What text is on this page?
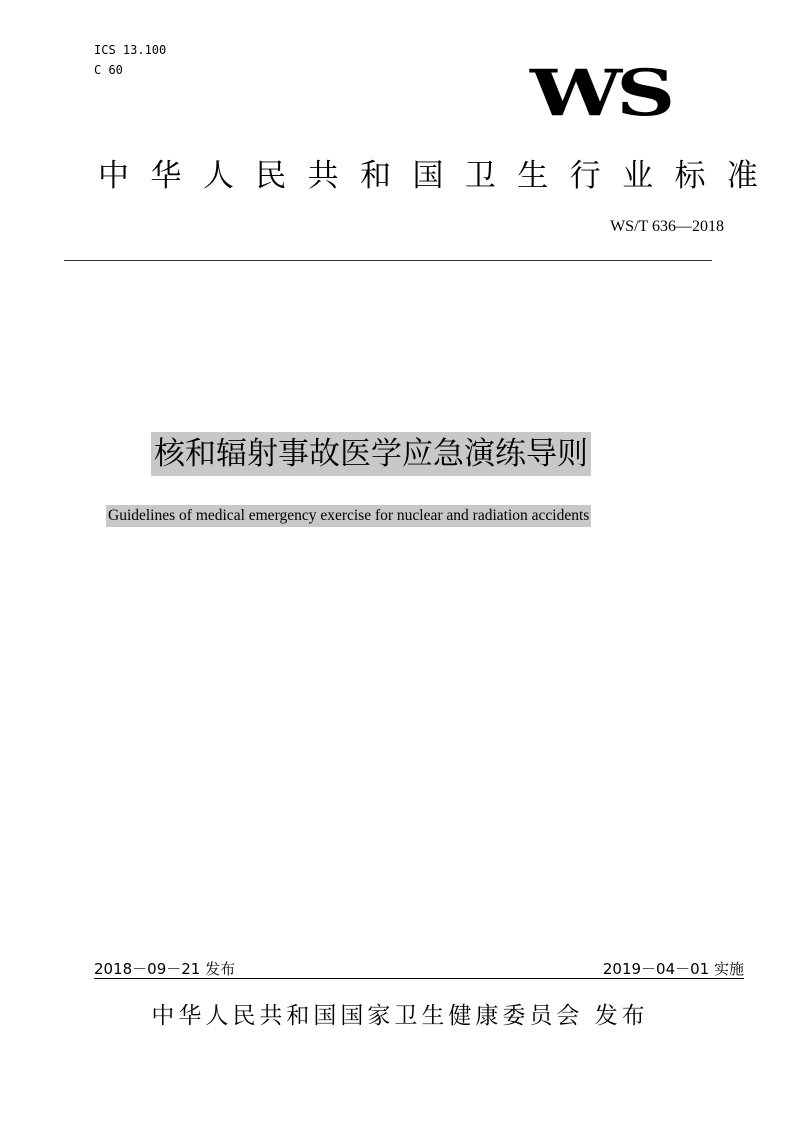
ICS 13.100
C 60	WS
中 华 人 民 共 和 国 卫 生 行 业 标 准
WS/T 636—2018
核和辐射事故医学应急演练导则
Guidelines of medical emergency exercise for nuclear and radiation accidents
2018－09－21 发布	2019－04－01 实施
中华人民共和国国家卫生健康委员会 发布
